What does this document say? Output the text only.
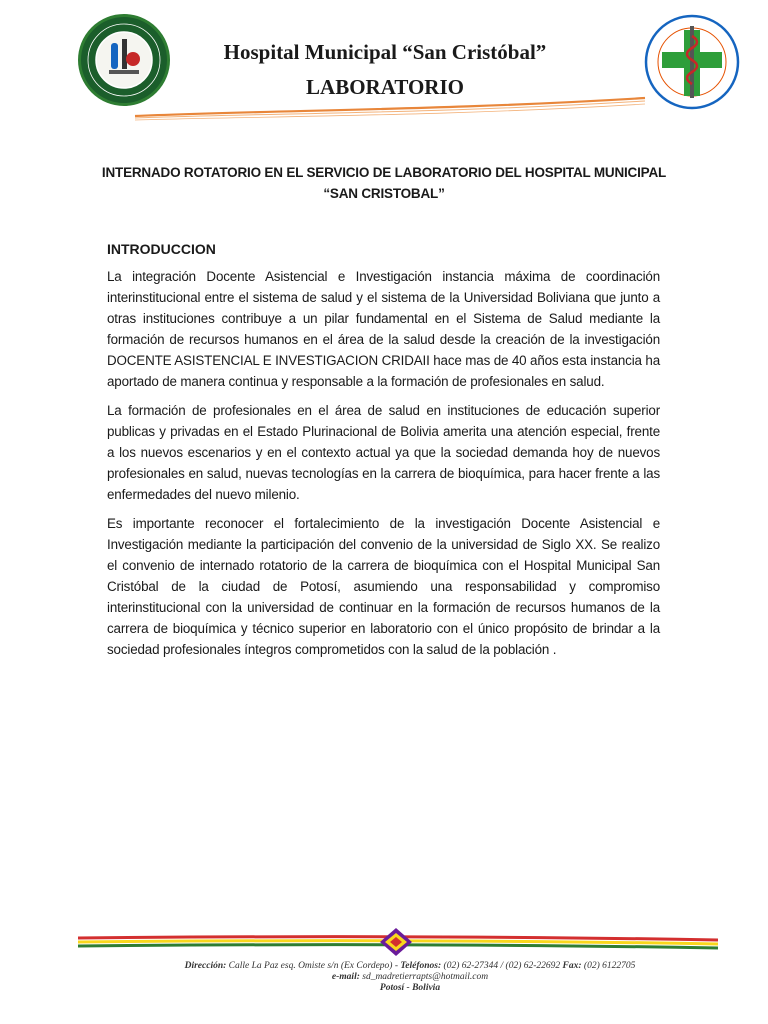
Hospital Municipal “San Cristóbal”
LABORATORIO
INTERNADO ROTATORIO EN EL SERVICIO DE LABORATORIO DEL HOSPITAL MUNICIPAL “SAN CRISTOBAL”
INTRODUCCION

La integración Docente Asistencial e Investigación instancia máxima de coordinación interinstitucional entre el sistema de salud y el sistema de la Universidad Boliviana que junto a otras instituciones contribuye a un pilar fundamental en el Sistema de Salud mediante la formación de recursos humanos en el área de la salud desde la creación de la investigación DOCENTE ASISTENCIAL E INVESTIGACION CRIDAII hace mas de 40 años esta instancia ha aportado de manera continua y responsable a la formación de profesionales en salud.

La formación de profesionales en el área de salud en instituciones de educación superior publicas y privadas en el Estado Plurinacional de Bolivia amerita una atención especial, frente a los nuevos escenarios y en el contexto actual ya que la sociedad demanda hoy de nuevos profesionales en salud, nuevas tecnologías en la carrera de bioquímica, para hacer frente a las enfermedades del nuevo milenio.

Es importante reconocer el fortalecimiento de la investigación Docente Asistencial e Investigación mediante la participación del convenio de la universidad de Siglo XX. Se realizo el convenio de internado rotatorio de la carrera de bioquímica con el Hospital Municipal San Cristóbal de la ciudad de Potosí, asumiendo una responsabilidad y compromiso interinstitucional con la universidad de continuar en la formación de recursos humanos de la carrera de bioquímica y técnico superior en laboratorio con el único propósito de brindar a la sociedad profesionales íntegros comprometidos con la salud de la población .

Dirección: Calle La Paz esq. Omiste s/n (Ex Cordepo) - Teléfonos: (02) 62-27344 / (02) 62-22692 Fax: (02) 6122705
e-mail: sd_madretierrapts@hotmail.com
Potosí - Bolivia
